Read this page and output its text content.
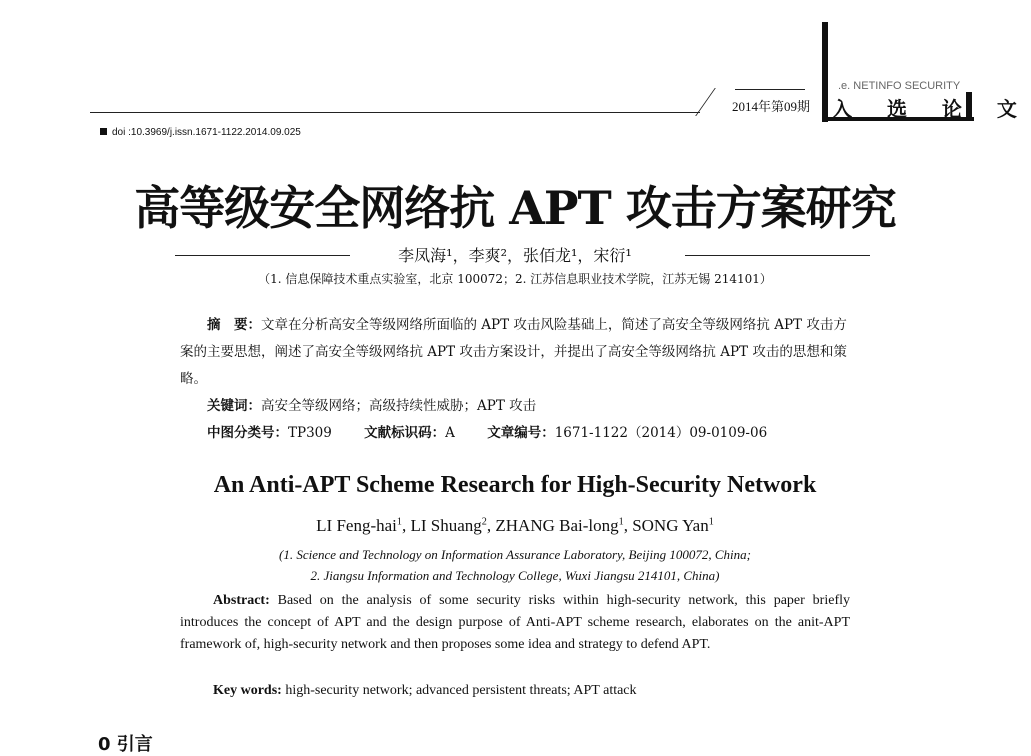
.e. NETINFO SECURITY
2014年第09期 入 选 论 文
doi :10.3969/j.issn.1671-1122.2014.09.025
高等级安全网络抗 APT 攻击方案研究
李凤海¹，李爽²，张佰龙¹，宋衍¹
（1. 信息保障技术重点实验室，北京 100072；2. 江苏信息职业技术学院，江苏无锡 214101）
摘　要：文章在分析高安全等级网络所面临的 APT 攻击风险基础上，简述了高安全等级网络抗 APT 攻击方案的主要思想，阐述了高安全等级网络抗 APT 攻击方案设计，并提出了高安全等级网络抗 APT 攻击的思想和策略。
关键词：高安全等级网络；高级持续性威胁；APT 攻击
中图分类号：TP309 文献标识码：A 文章编号：1671-1122（2014）09-0109-06
An Anti-APT Scheme Research for High-Security Network
LI Feng-hai$^1$, LI Shuang$^2$, ZHANG Bai-long$^1$, SONG Yan$^1$
(1. Science and Technology on Information Assurance Laboratory, Beijing 100072, China;
2. Jiangsu Information and Technology College, Wuxi Jiangsu 214101, China)
Abstract: Based on the analysis of some security risks within high-security network, this paper briefly introduces the concept of APT and the design purpose of Anti-APT scheme research, elaborates on the anit-APT framework of, high-security network and then proposes some idea and strategy to defend APT.
Key words: high-security network; advanced persistent threats; APT attack
0 引言
